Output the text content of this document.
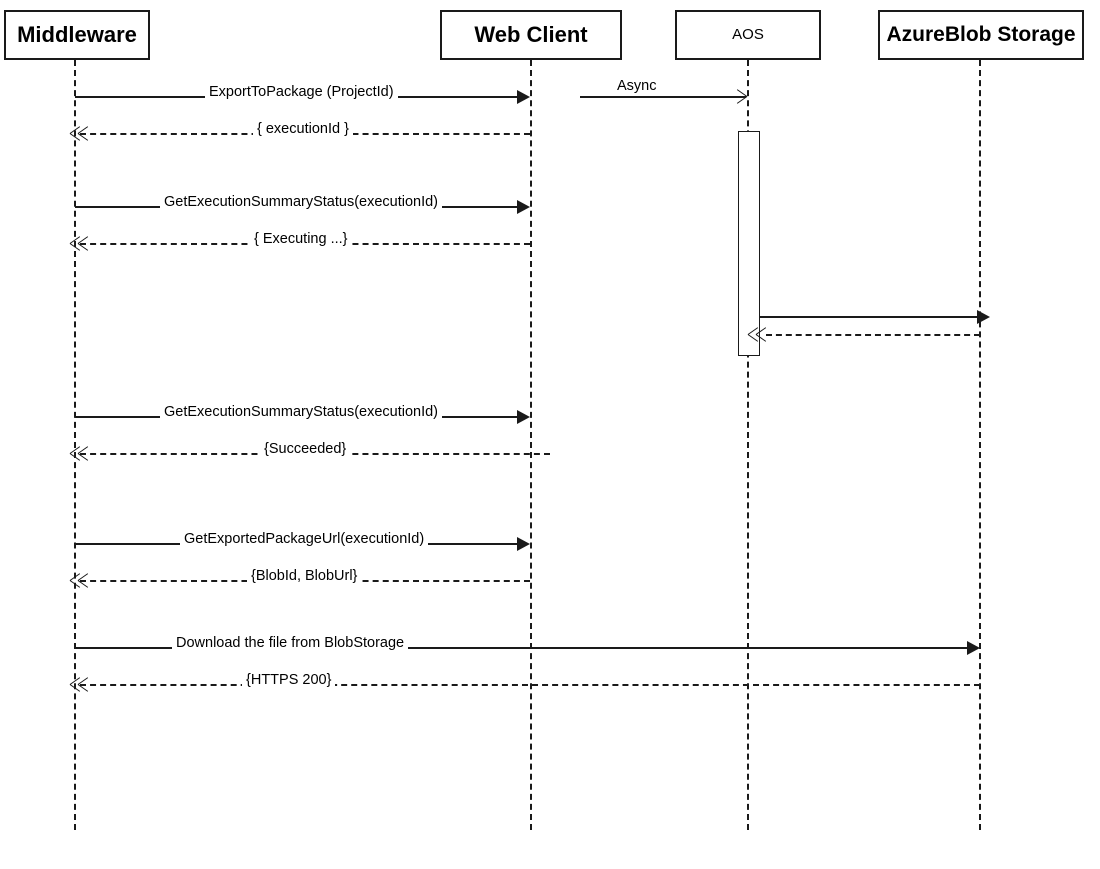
Middleware	Web Client	AOS	AzureBlob Storage
ExportToPackage (ProjectId)	Async
{ executionId }
GetExecutionSummaryStatus(executionId)
{ Executing ...}
GetExecutionSummaryStatus(executionId)
{Succeeded}
GetExportedPackageUrl(executionId)
{BlobId, BlobUrl}
Download the file from BlobStorage
{HTTPS 200}
